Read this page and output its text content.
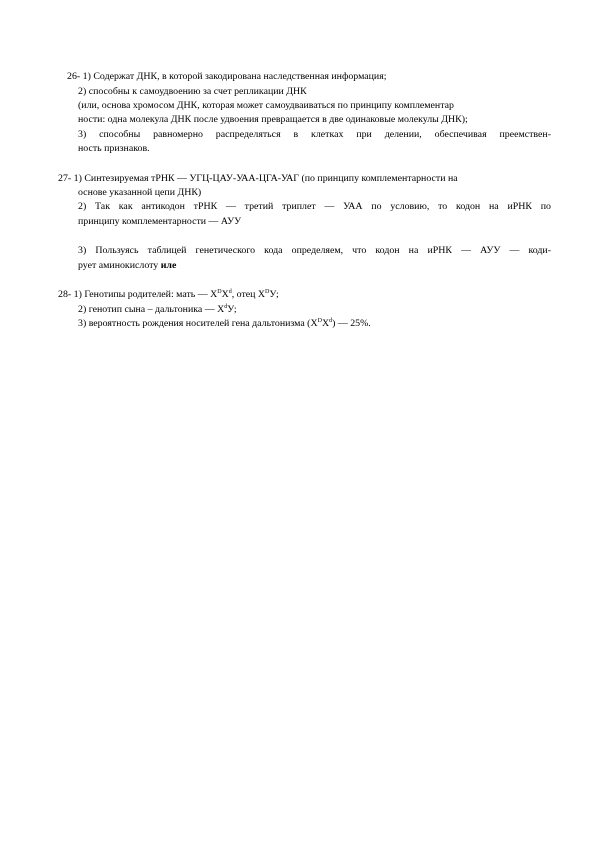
26- 1) Содержат ДНК, в которой закодирована наследственная информация;
2) способны к самоудвоению за счет репликации ДНК
(или, основа хромосом ДНК, которая может самоудваиваться по принципу комплементар
ности: одна молекула ДНК после удвоения превращается в две одинаковые молекулы ДНК);
3) способны равномерно распределяться в клетках при делении, обеспечивая преемствен-
ность признаков.
27- 1) Синтезируемая тРНК — УГЦ-ЦАУ-УАА-ЦГА-УАГ (по принципу комплементарности на
основе указанной цепи ДНК)
2) Так как антикодон тРНК — третий триплет — УАА по условию, то кодон на иРНК по
принципу комплементарности — АУУ
3) Пользуясь таблицей генетического кода определяем, что кодон на иРНК — АУУ — коди-
рует аминокислоту иле
28- 1) Генотипы родителей: мать — $Х^DХ^d$, отец $Х^DУ$;
2) генотип сына – дальтоника — $Х^dУ$;
3) вероятность рождения носителей гена дальтонизма $(Х^DХ^d)$ — 25%.
